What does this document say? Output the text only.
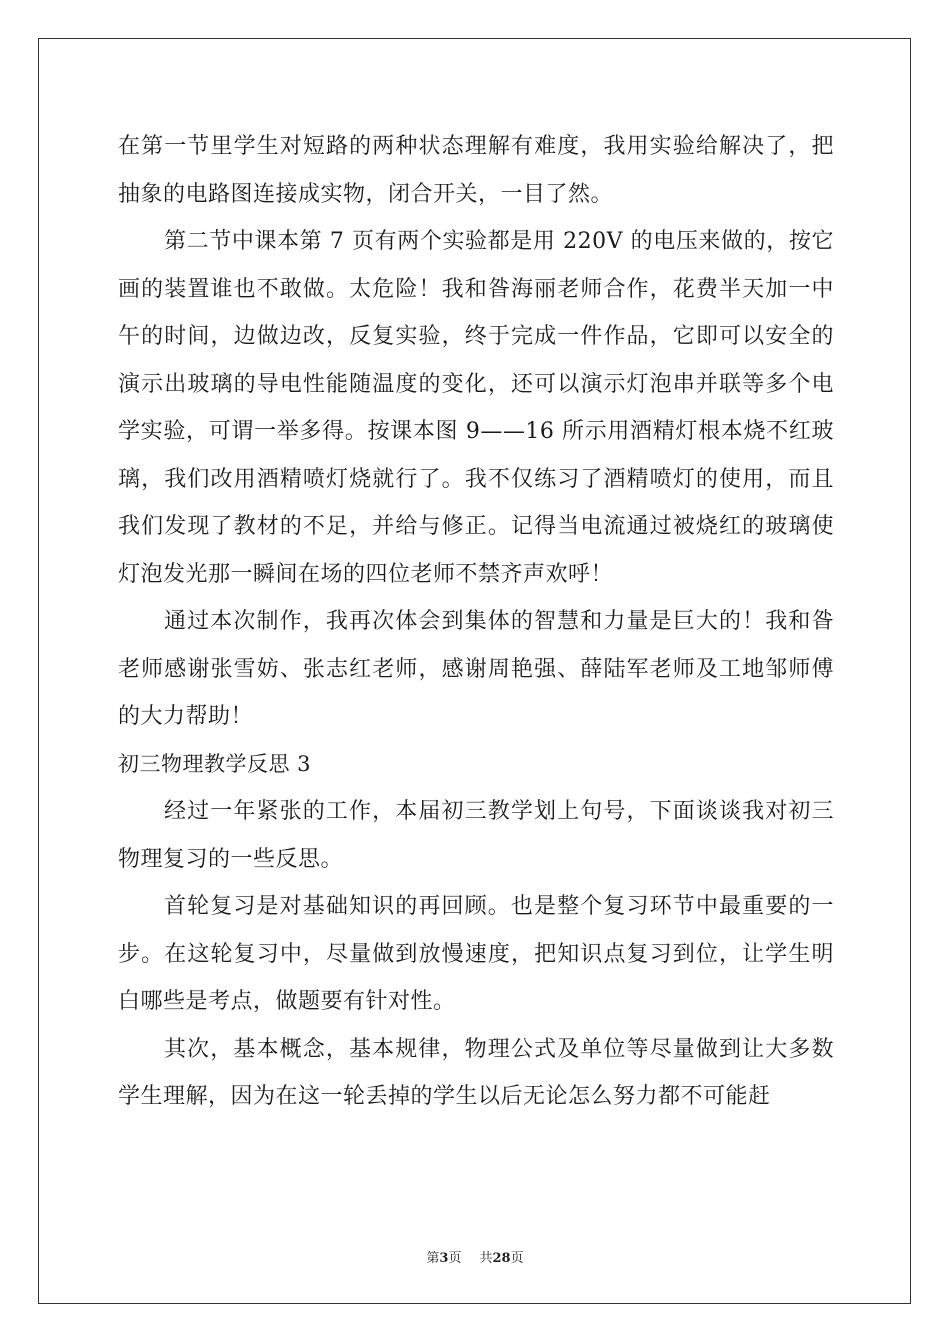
在第一节里学生对短路的两种状态理解有难度，我用实验给解决了，把抽象的电路图连接成实物，闭合开关，一目了然。

第二节中课本第 7 页有两个实验都是用 220V 的电压来做的，按它画的装置谁也不敢做。太危险！我和昝海丽老师合作，花费半天加一中午的时间，边做边改，反复实验，终于完成一件作品，它即可以安全的演示出玻璃的导电性能随温度的变化，还可以演示灯泡串并联等多个电学实验，可谓一举多得。按课本图 9——16 所示用酒精灯根本烧不红玻璃，我们改用酒精喷灯烧就行了。我不仅练习了酒精喷灯的使用，而且我们发现了教材的不足，并给与修正。记得当电流通过被烧红的玻璃使灯泡发光那一瞬间在场的四位老师不禁齐声欢呼！

通过本次制作，我再次体会到集体的智慧和力量是巨大的！我和昝老师感谢张雪妨、张志红老师，感谢周艳强、薛陆军老师及工地邹师傅的大力帮助！

初三物理教学反思 3

经过一年紧张的工作，本届初三教学划上句号，下面谈谈我对初三物理复习的一些反思。

首轮复习是对基础知识的再回顾。也是整个复习环节中最重要的一步。在这轮复习中，尽量做到放慢速度，把知识点复习到位，让学生明白哪些是考点，做题要有针对性。

其次，基本概念，基本规律，物理公式及单位等尽量做到让大多数学生理解，因为在这一轮丢掉的学生以后无论怎么努力都不可能赶

第3页 共28页
